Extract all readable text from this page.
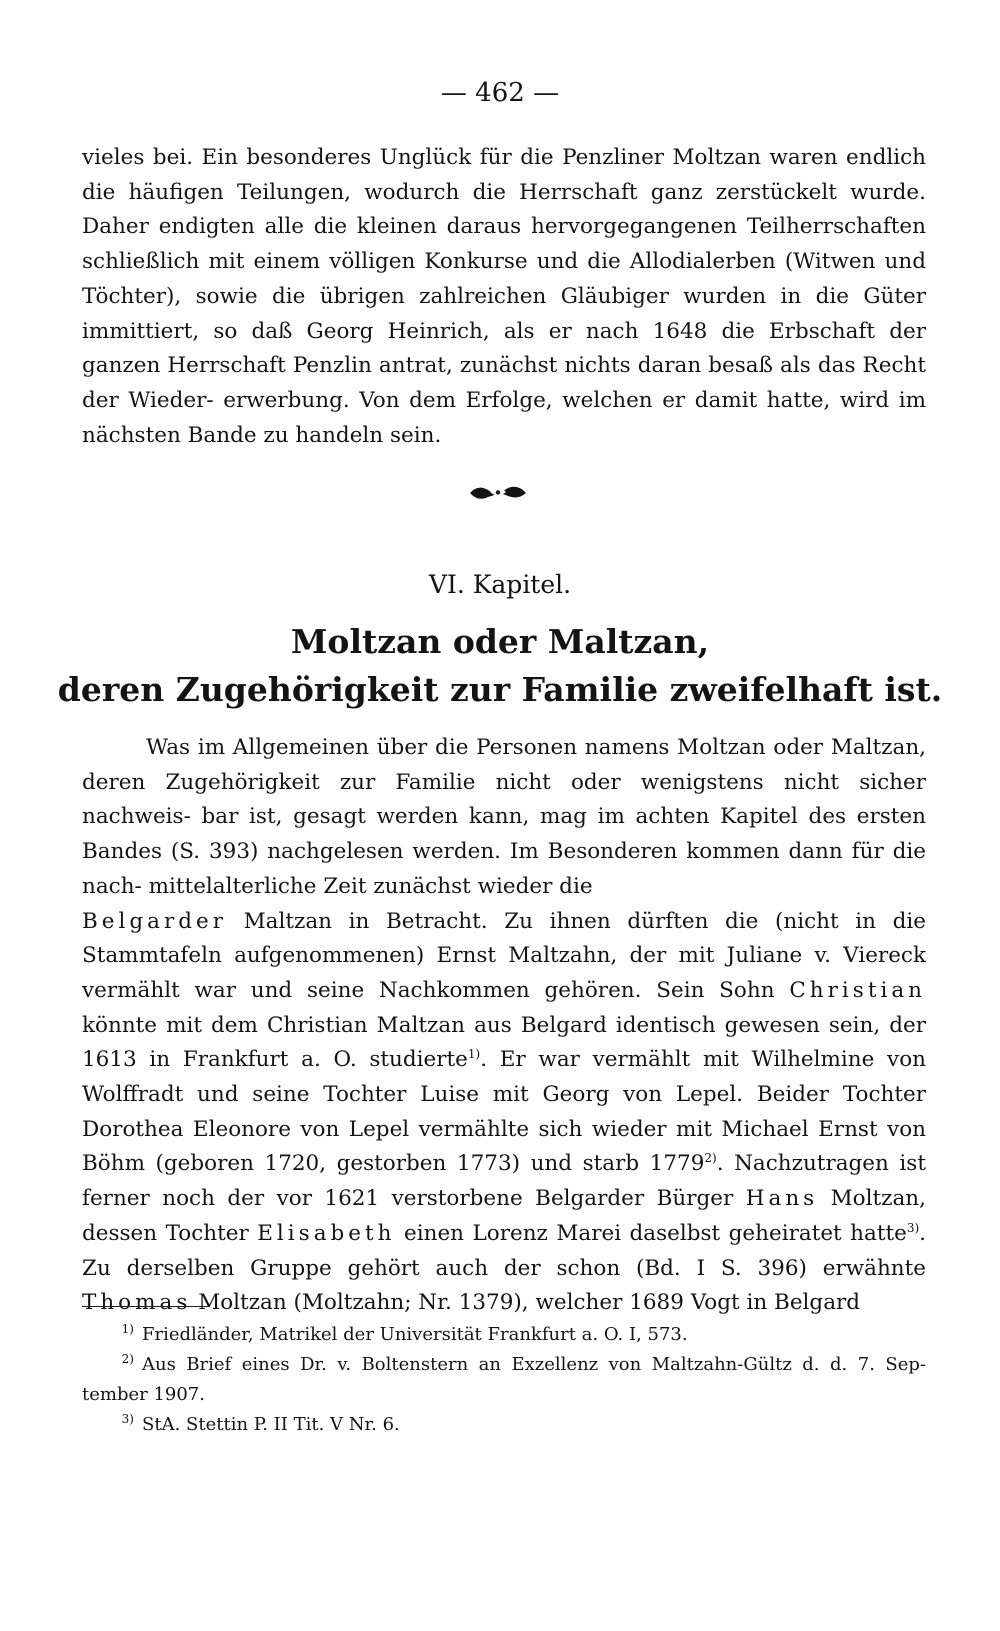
— 462 —

vieles bei. Ein besonderes Unglück für die Penzliner Moltzan waren endlich die häufigen Teilungen, wodurch die Herrschaft ganz zerstückelt wurde. Daher endigten alle die kleinen daraus hervorgegangenen Teilherrschaften schließlich mit einem völligen Konkurse und die Allodialerben (Witwen und Töchter), sowie die übrigen zahlreichen Gläubiger wurden in die Güter immittiert, so daß Georg Heinrich, als er nach 1648 die Erbschaft der ganzen Herrschaft Penzlin antrat, zunächst nichts daran besaß als das Recht der Wieder- erwerbung. Von dem Erfolge, welchen er damit hatte, wird im nächsten Bande zu handeln sein.

VI. Kapitel.
Moltzan oder Maltzan,
deren Zugehörigkeit zur Familie zweifelhaft ist.

Was im Allgemeinen über die Personen namens Moltzan oder Maltzan, deren Zugehörigkeit zur Familie nicht oder wenigstens nicht sicher nachweis- bar ist, gesagt werden kann, mag im achten Kapitel des ersten Bandes (S. 393) nachgelesen werden. Im Besonderen kommen dann für die nach- mittelalterliche Zeit zunächst wieder die
Belgarder Maltzan in Betracht. Zu ihnen dürften die (nicht in die Stammtafeln aufgenommenen) Ernst Maltzahn, der mit Juliane v. Viereck vermählt war und seine Nachkommen gehören. Sein Sohn Christian könnte mit dem Christian Maltzan aus Belgard identisch gewesen sein, der 1613 in Frankfurt a. O. studierte$^{1)}$. Er war vermählt mit Wilhelmine von Wolffradt und seine Tochter Luise mit Georg von Lepel. Beider Tochter Dorothea Eleonore von Lepel vermählte sich wieder mit Michael Ernst von Böhm (geboren 1720, gestorben 1773) und starb 1779$^{2)}$. Nachzutragen ist ferner noch der vor 1621 verstorbene Belgarder Bürger Hans Moltzan, dessen Tochter Elisabeth einen Lorenz Marei daselbst geheiratet hatte$^{3)}$. Zu derselben Gruppe gehört auch der schon (Bd. I S. 396) erwähnte Thomas Moltzan (Moltzahn; Nr. 1379), welcher 1689 Vogt in Belgard

$^{1)}$ Friedländer, Matrikel der Universität Frankfurt a. O. I, 573.

$^{2)}$ Aus Brief eines Dr. v. Boltenstern an Exzellenz von Maltzahn-Gültz d. d. 7. Sep- tember 1907.

$^{3)}$ StA. Stettin P. II Tit. V Nr. 6.
